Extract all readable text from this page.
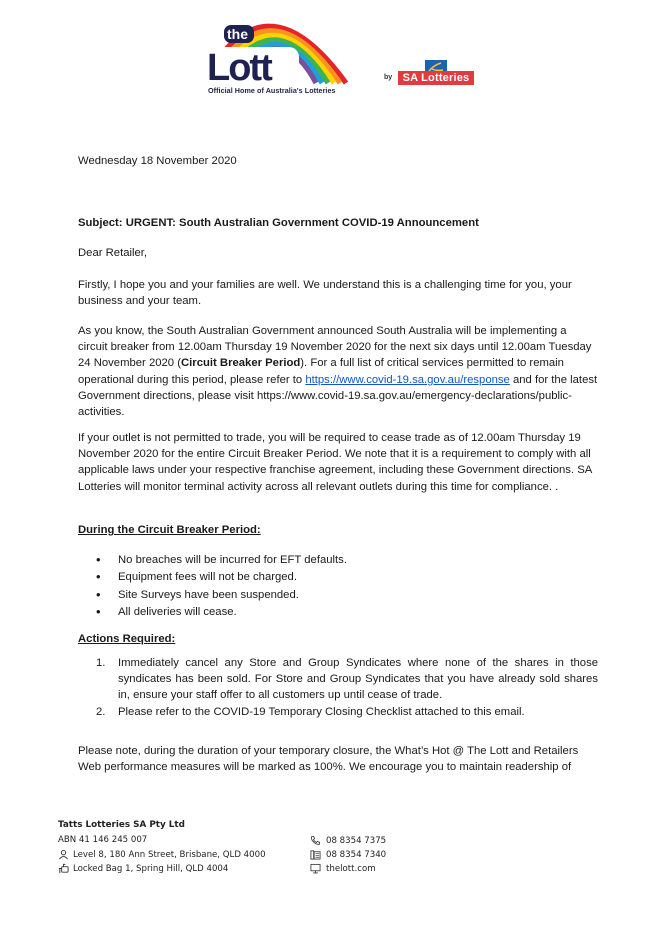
Lott
the
Official Home of Australia's Lotteries
by SA Lotteries
Wednesday 18 November 2020
Subject: URGENT: South Australian Government COVID-19 Announcement
Dear Retailer,
Firstly, I hope you and your families are well. We understand this is a challenging time for you, your business and your team.
As you know, the South Australian Government announced South Australia will be implementing a circuit breaker from 12.00am Thursday 19 November 2020 for the next six days until 12.00am Tuesday 24 November 2020 (Circuit Breaker Period). For a full list of critical services permitted to remain operational during this period, please refer to https://www.covid-19.sa.gov.au/response and for the latest Government directions, please visit https://www.covid-19.sa.gov.au/emergency-declarations/public-activities.
If your outlet is not permitted to trade, you will be required to cease trade as of 12.00am Thursday 19 November 2020 for the entire Circuit Breaker Period. We note that it is a requirement to comply with all applicable laws under your respective franchise agreement, including these Government directions. SA Lotteries will monitor terminal activity across all relevant outlets during this time for compliance. .
During the Circuit Breaker Period:
• No breaches will be incurred for EFT defaults.
• Equipment fees will not be charged.
• Site Surveys have been suspended.
• All deliveries will cease.
Actions Required:
1. Immediately cancel any Store and Group Syndicates where none of the shares in those syndicates has been sold. For Store and Group Syndicates that you have already sold shares in, ensure your staff offer to all customers up until cease of trade.
2. Please refer to the COVID-19 Temporary Closing Checklist attached to this email.
Please note, during the duration of your temporary closure, the What’s Hot @ The Lott and Retailers Web performance measures will be marked as 100%. We encourage you to maintain readership of
Tatts Lotteries SA Pty Ltd
ABN 41 146 245 007
Level 8, 180 Ann Street, Brisbane, QLD 4000
Locked Bag 1, Spring Hill, QLD 4004
08 8354 7375
08 8354 7340
thelott.com
